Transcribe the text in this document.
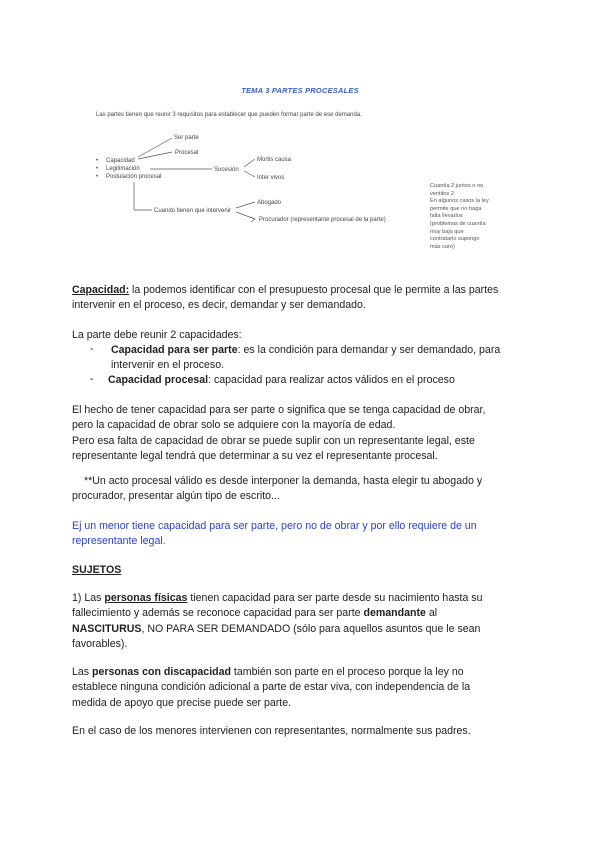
TEMA 3 PARTES PROCESALES
Las partes tienen que reunir 3 requisitos para establecer que pueden formar parte de ese demanda.
•
•
•
Ser parte
Procesal
Capacidad
Legitimación
Postulación procesal
Sucesión
Mortis causa
Inter vivos
Cuando tienen que intervenir
Abogado
Procurador (representante procesal de la parte)
Cuantía 2 juntos o no
ventitos 2
En algunos casos la ley
permite que no haga
falta llevarlos
(problemas de cuantía
muy baja que
contratarlo supongo
más caro)

Capacidad: la podemos identificar con el presupuesto procesal que le permite a las partes intervenir en el proceso, es decir, demandar y ser demandado.

La parte debe reunir 2 capacidades:

- Capacidad para ser parte: es la condición para demandar y ser demandado, para

intervenir en el proceso.

- Capacidad procesal: capacidad para realizar actos válidos en el proceso

El hecho de tener capacidad para ser parte o significa que se tenga capacidad de obrar,
pero la capacidad de obrar solo se adquiere con la mayoría de edad.
Pero esa falta de capacidad de obrar se puede suplir con un representante legal, este
representante legal tendrá que determinar a su vez el representante procesal.
**Un acto procesal válido es desde interponer la demanda, hasta elegir tu abogado y
procurador, presentar algún tipo de escrito...
Ej un menor tiene capacidad para ser parte, pero no de obrar y por ello requiere de un
representante legal.

SUJETOS

1) Las personas físicas tienen capacidad para ser parte desde su nacimiento hasta su
fallecimiento y además se reconoce capacidad para ser parte demandante al
NASCITURUS, NO PARA SER DEMANDADO (sólo para aquellos asuntos que le sean
favorables).
Las personas con discapacidad también son parte en el proceso porque la ley no
establece ninguna condición adicional a parte de estar viva, con independencia de la
medida de apoyo que precise puede ser parte.

En el caso de los menores intervienen con representantes, normalmente sus padres.
